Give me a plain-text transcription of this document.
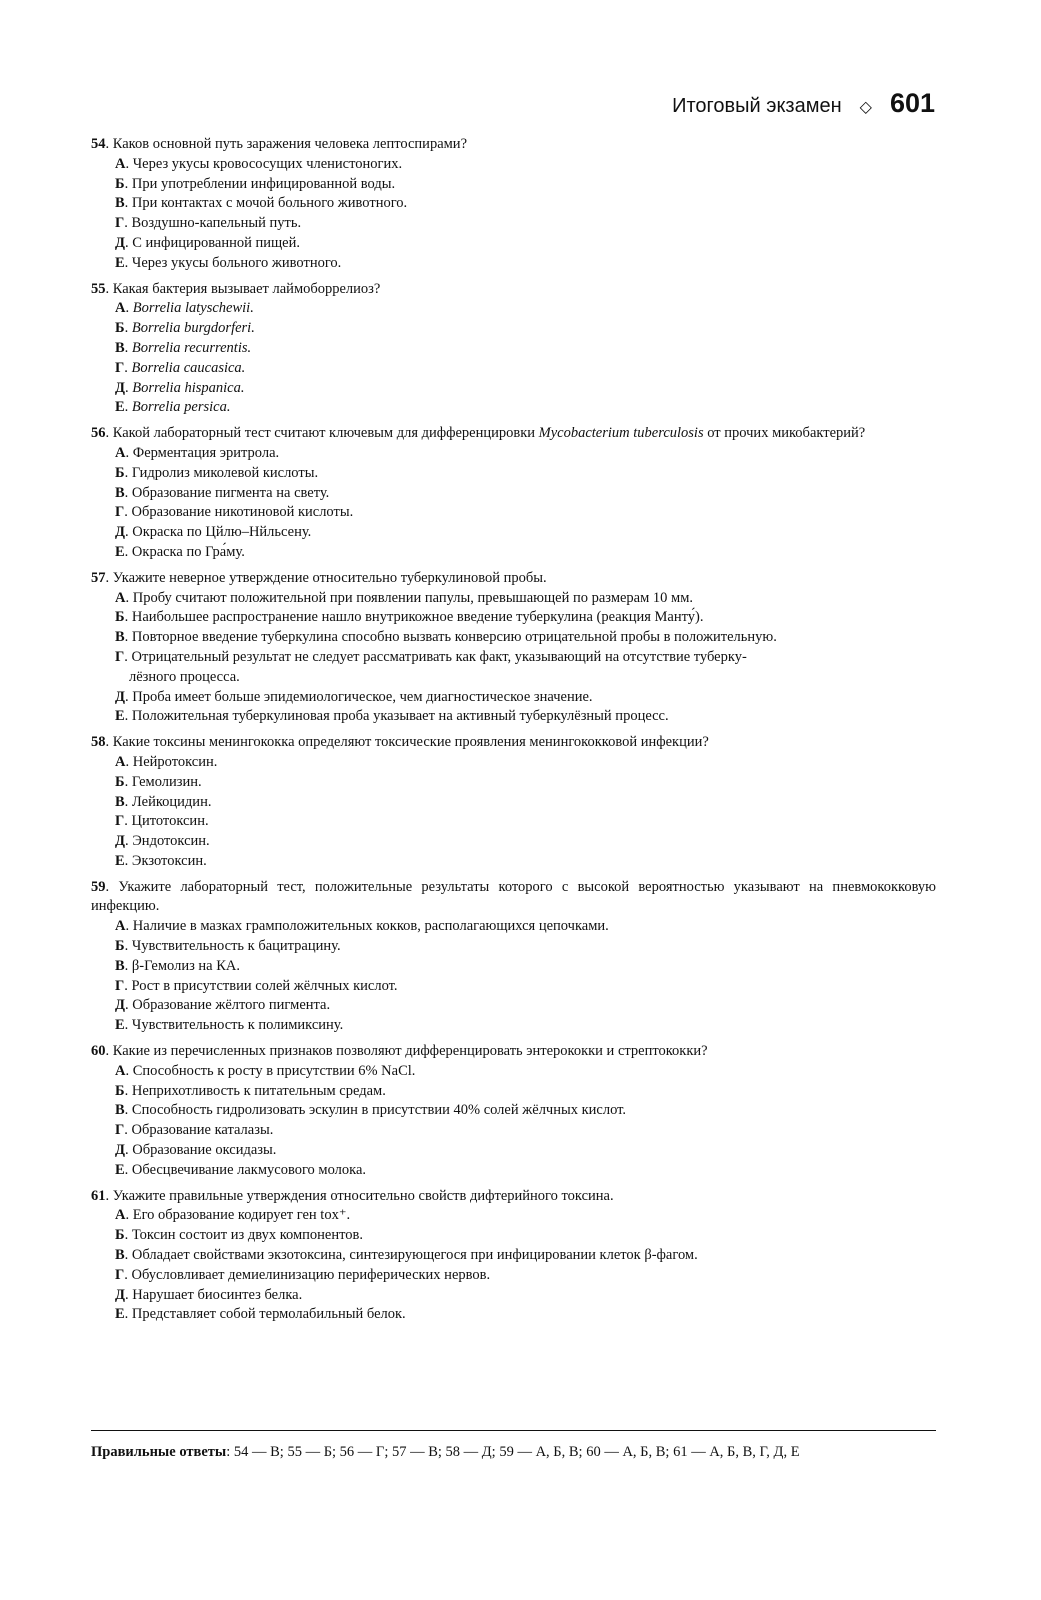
Итоговый экзамен ◇ 601
54. Каков основной путь заражения человека лептоспирами?
А. Через укусы кровососущих членистоногих.
Б. При употреблении инфицированной воды.
В. При контактах с мочой больного животного.
Г. Воздушно-капельный путь.
Д. С инфицированной пищей.
Е. Через укусы больного животного.
55. Какая бактерия вызывает лаймоборрелиоз?
А. Borrelia latyschewii.
Б. Borrelia burgdorferi.
В. Borrelia recurrentis.
Г. Borrelia caucasica.
Д. Borrelia hispanica.
Е. Borrelia persica.
56. Какой лабораторный тест считают ключевым для дифференцировки Mycobacterium tuberculosis от прочих микобактерий?
А. Ферментация эритрола.
Б. Гидролиз миколевой кислоты.
В. Образование пигмента на свету.
Г. Образование никотиновой кислоты.
Д. Окраска по Цйлю–Нйльсену.
Е. Окраска по Гра́му.
57. Укажите неверное утверждение относительно туберкулиновой пробы.
А. Пробу считают положительной при появлении папулы, превышающей по размерам 10 мм.
Б. Наибольшее распространение нашло внутрикожное введение туберкулина (реакция Манту́).
В. Повторное введение туберкулина способно вызвать конверсию отрицательной пробы в положительную.
Г. Отрицательный результат не следует рассматривать как факт, указывающий на отсутствие туберку-
лёзного процесса.
Д. Проба имеет больше эпидемиологическое, чем диагностическое значение.
Е. Положительная туберкулиновая проба указывает на активный туберкулёзный процесс.
58. Какие токсины менингококка определяют токсические проявления менингококковой инфекции?
А. Нейротоксин.
Б. Гемолизин.
В. Лейкоцидин.
Г. Цитотоксин.
Д. Эндотоксин.
Е. Экзотоксин.
59. Укажите лабораторный тест, положительные результаты которого с высокой вероятностью указывают на пневмококковую инфекцию.
А. Наличие в мазках грамположительных кокков, располагающихся цепочками.
Б. Чувствительность к бацитрацину.
В. β-Гемолиз на КА.
Г. Рост в присутствии солей жёлчных кислот.
Д. Образование жёлтого пигмента.
Е. Чувствительность к полимиксину.
60. Какие из перечисленных признаков позволяют дифференцировать энтерококки и стрептококки?
А. Способность к росту в присутствии 6% NaCl.
Б. Неприхотливость к питательным средам.
В. Способность гидролизовать эскулин в присутствии 40% солей жёлчных кислот.
Г. Образование каталазы.
Д. Образование оксидазы.
Е. Обесцвечивание лакмусового молока.
61. Укажите правильные утверждения относительно свойств дифтерийного токсина.
А. Его образование кодирует ген tox⁺.
Б. Токсин состоит из двух компонентов.
В. Обладает свойствами экзотоксина, синтезирующегося при инфицировании клеток β-фагом.
Г. Обусловливает демиелинизацию периферических нервов.
Д. Нарушает биосинтез белка.
Е. Представляет собой термолабильный белок.
Правильные ответы: 54 — В; 55 — Б; 56 — Г; 57 — В; 58 — Д; 59 — А, Б, В; 60 — А, Б, В; 61 — А, Б, В, Г, Д, Е
